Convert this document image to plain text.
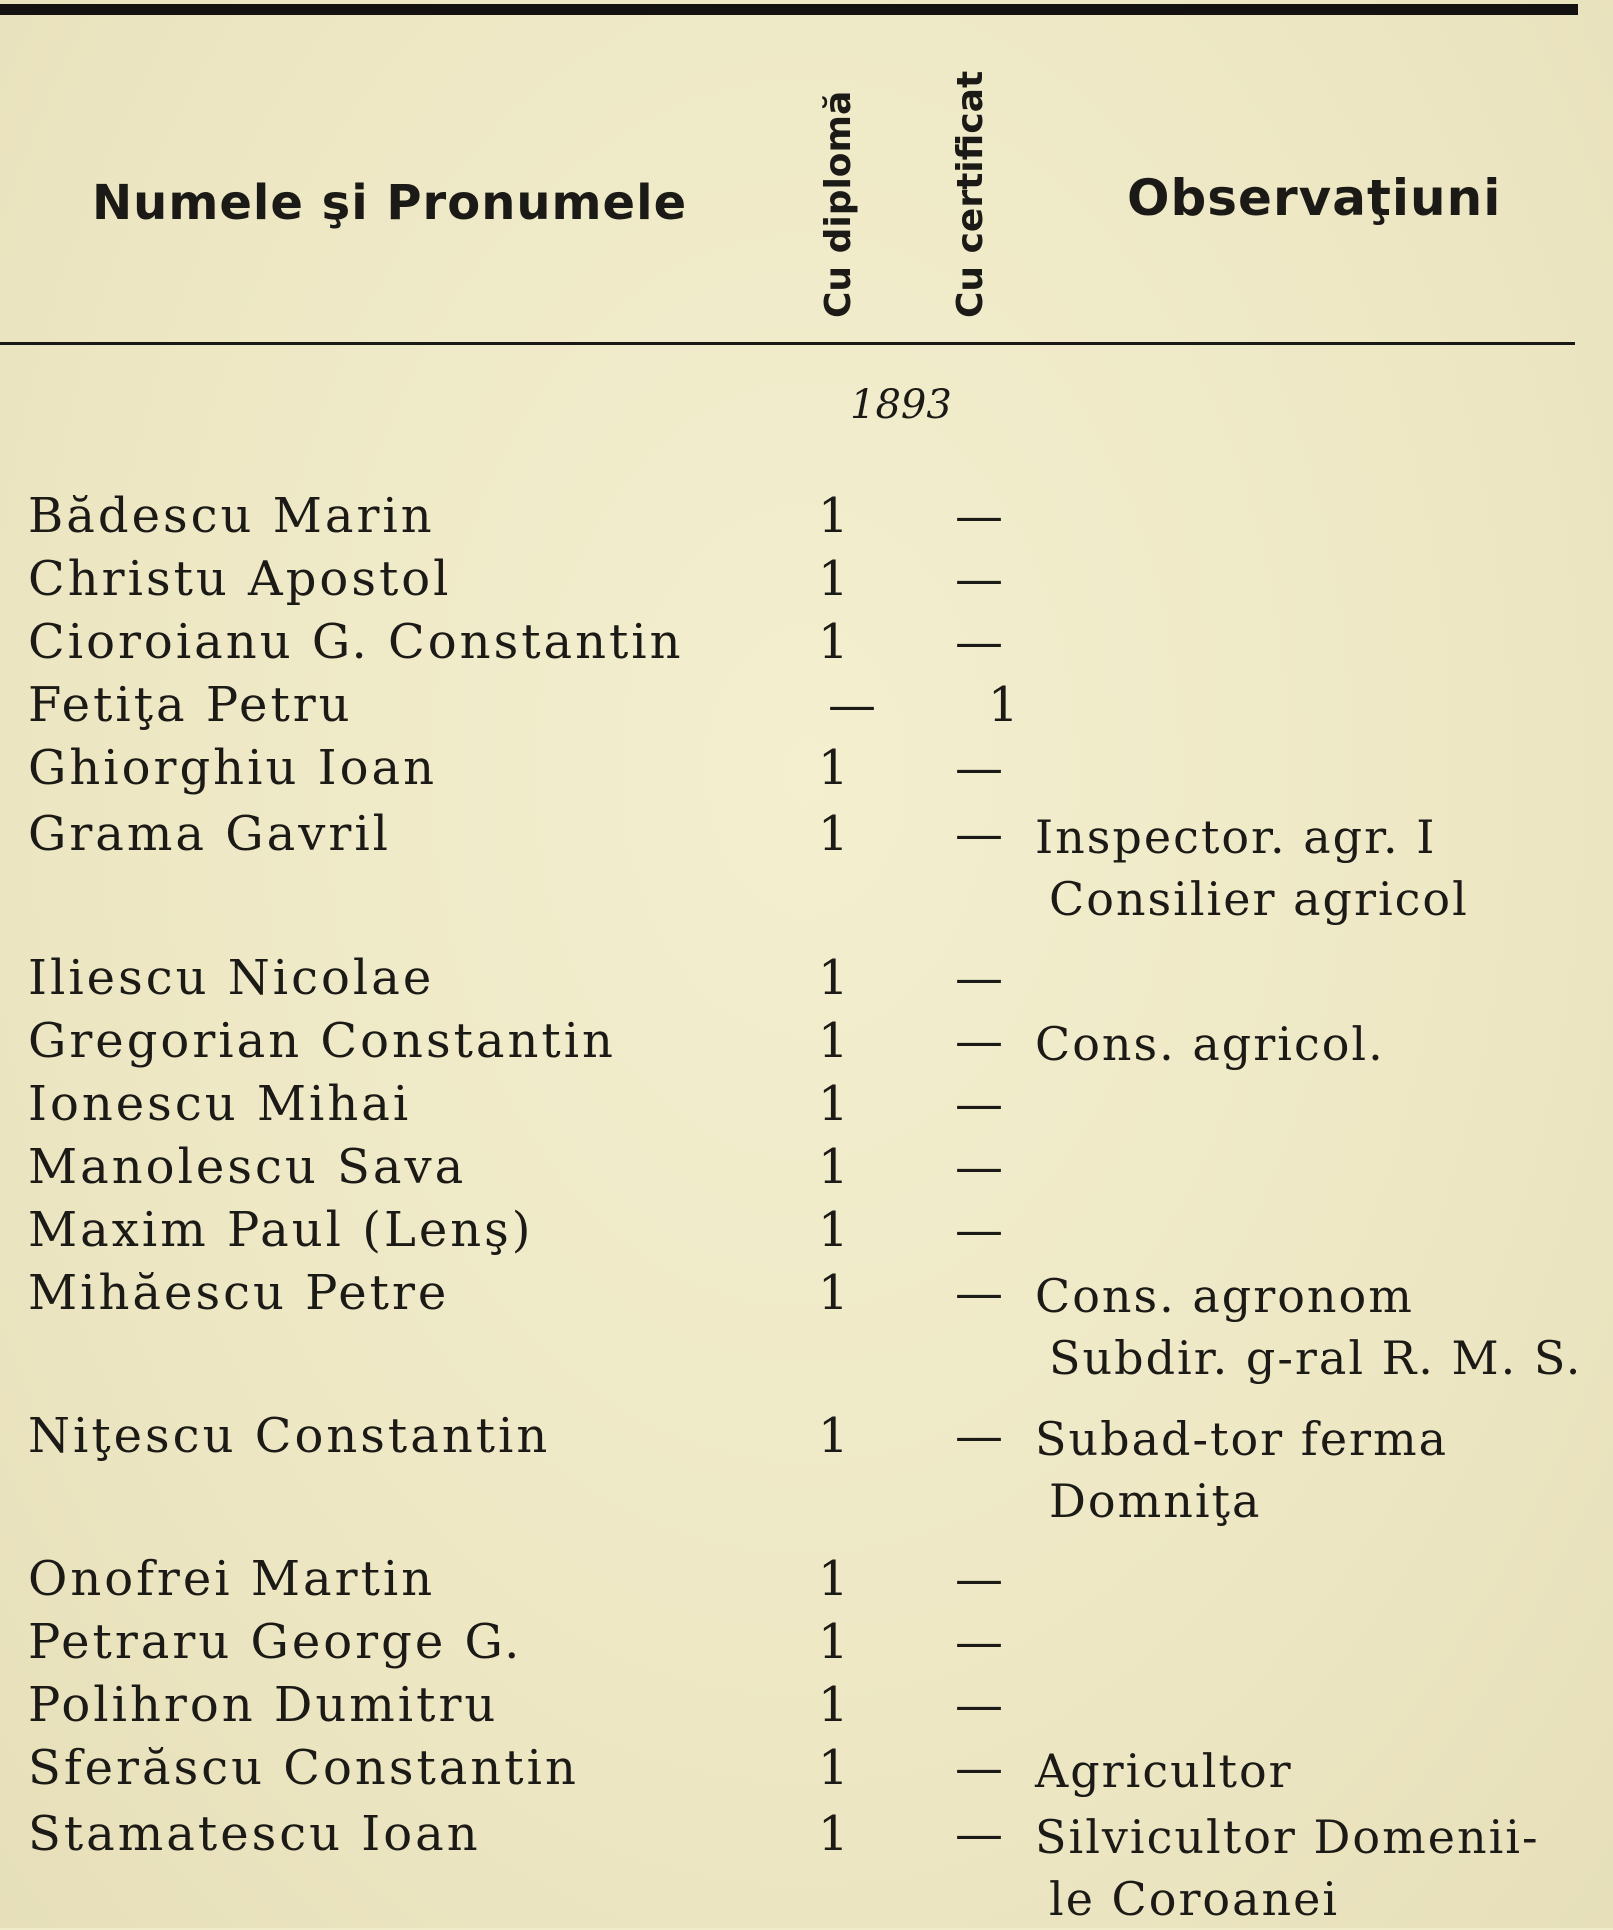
Numele şi Pronumele	Cu diplomă	Cu certificat	Observaţiuni
1893
Bădescu Marin	1 —
Christu Apostol	1 —
Cioroianu G. Constantin	1 —
Fetiţa Petru	— 1
Ghiorghiu Ioan	1 —
Grama Gavril	1 — Inspector. agr. I
Consilier agricol
Iliescu Nicolae	1 —
Gregorian Constantin	1 — Cons. agricol.
Ionescu Mihai	1 —
Manolescu Sava	1 —
Maxim Paul (Lenş)	1 —
Mihăescu Petre	1 — Cons. agronom
Subdir. g-ral R. M. S.
Niţescu Constantin	1 — Subad-tor ferma
Domniţa
Onofrei Martin	1 —
Petraru George G.	1 —
Polihron Dumitru	1 —
Sferăscu Constantin	1 — Agricultor
Stamatescu Ioan	1 — Silvicultor Domenii-
le Coroanei
